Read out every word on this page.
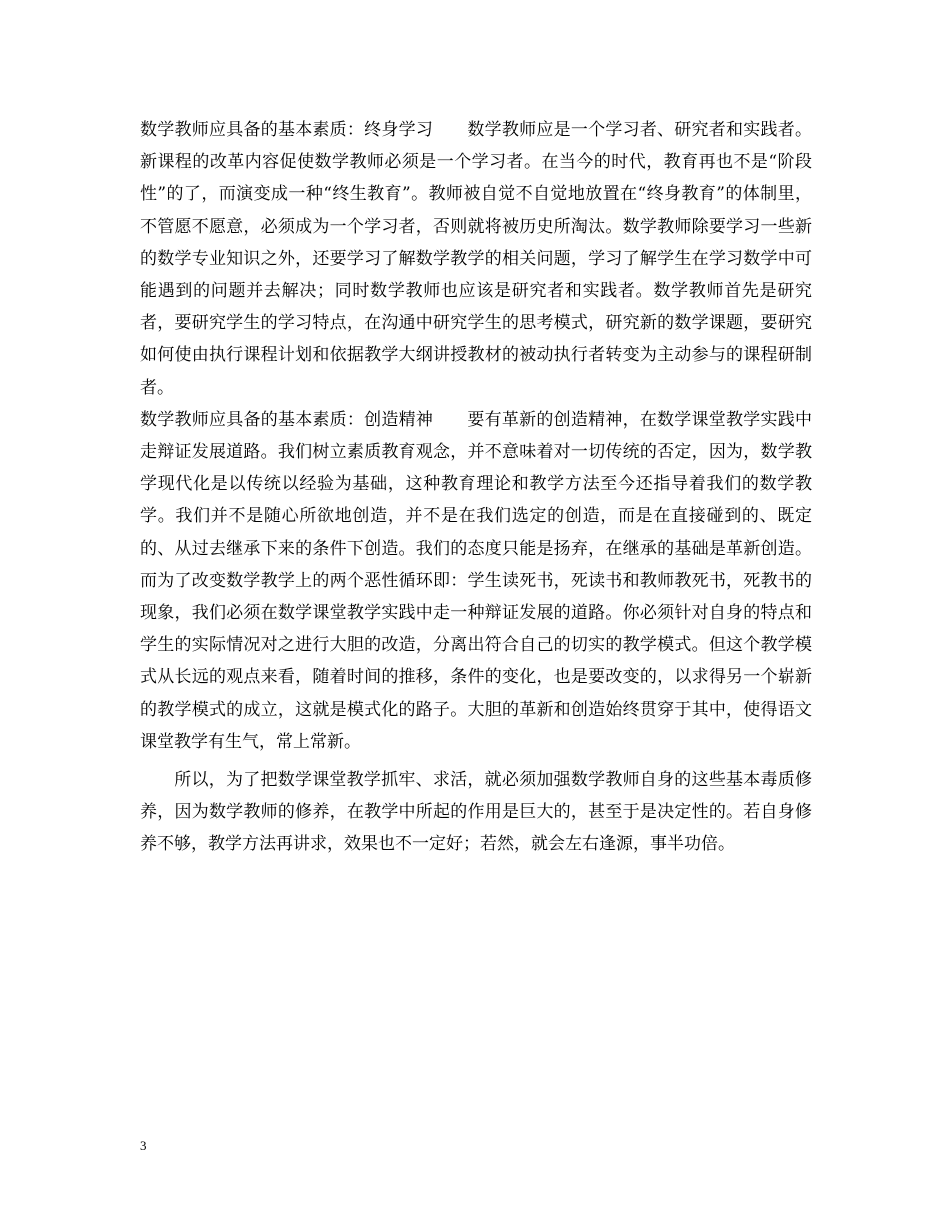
数学教师应具备的基本素质：终身学习 数学教师应是一个学习者、研究者和实践者。新课程的改革内容促使数学教师必须是一个学习者。在当今的时代，教育再也不是“阶段性”的了，而演变成一种“终生教育”。教师被自觉不自觉地放置在“终身教育”的体制里，不管愿不愿意，必须成为一个学习者，否则就将被历史所淘汰。数学教师除要学习一些新的数学专业知识之外，还要学习了解数学教学的相关问题，学习了解学生在学习数学中可能遇到的问题并去解决；同时数学教师也应该是研究者和实践者。数学教师首先是研究者，要研究学生的学习特点，在沟通中研究学生的思考模式，研究新的数学课题，要研究如何使由执行课程计划和依据教学大纲讲授教材的被动执行者转变为主动参与的课程研制者。

数学教师应具备的基本素质：创造精神 要有革新的创造精神，在数学课堂教学实践中走辩证发展道路。我们树立素质教育观念，并不意味着对一切传统的否定，因为，数学教学现代化是以传统以经验为基础，这种教育理论和教学方法至今还指导着我们的数学教学。我们并不是随心所欲地创造，并不是在我们选定的创造，而是在直接碰到的、既定的、从过去继承下来的条件下创造。我们的态度只能是扬弃，在继承的基础是革新创造。而为了改变数学教学上的两个恶性循环即：学生读死书，死读书和教师教死书，死教书的现象，我们必须在数学课堂教学实践中走一种辩证发展的道路。你必须针对自身的特点和学生的实际情况对之进行大胆的改造，分离出符合自己的切实的教学模式。但这个教学模式从长远的观点来看，随着时间的推移，条件的变化，也是要改变的，以求得另一个崭新的教学模式的成立，这就是模式化的路子。大胆的革新和创造始终贯穿于其中，使得语文课堂教学有生气，常上常新。

所以，为了把数学课堂教学抓牢、求活，就必须加强数学教师自身的这些基本毒质修养，因为数学教师的修养，在教学中所起的作用是巨大的，甚至于是决定性的。若自身修养不够，教学方法再讲求，效果也不一定好；若然，就会左右逢源，事半功倍。

3
